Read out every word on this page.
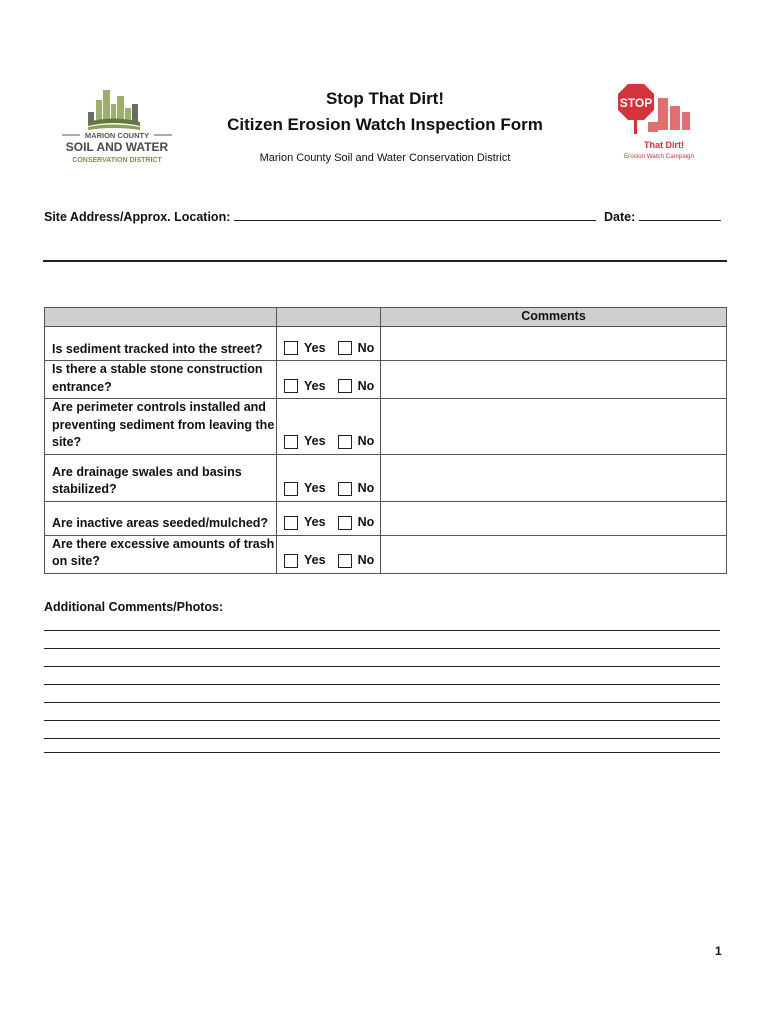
MARION COUNTY
SOIL AND WATER
CONSERVATION DISTRICT
STOP
That Dirt!
Erosion Watch Campaign
Stop That Dirt!
Citizen Erosion Watch Inspection Form
Marion County Soil and Water Conservation District
Site Address/Approx. Location:	Date:
		Comments
Is sediment tracked into the street?	Yes No	

Is there a stable stone construction entrance?	Yes No	

Are perimeter controls installed and preventing sediment from leaving the site?	Yes No	

Are drainage swales and basins stabilized?	Yes No	

Are inactive areas seeded/mulched?	Yes No	

Are there excessive amounts of trash on site?	Yes No	

Additional Comments/Photos:
1
